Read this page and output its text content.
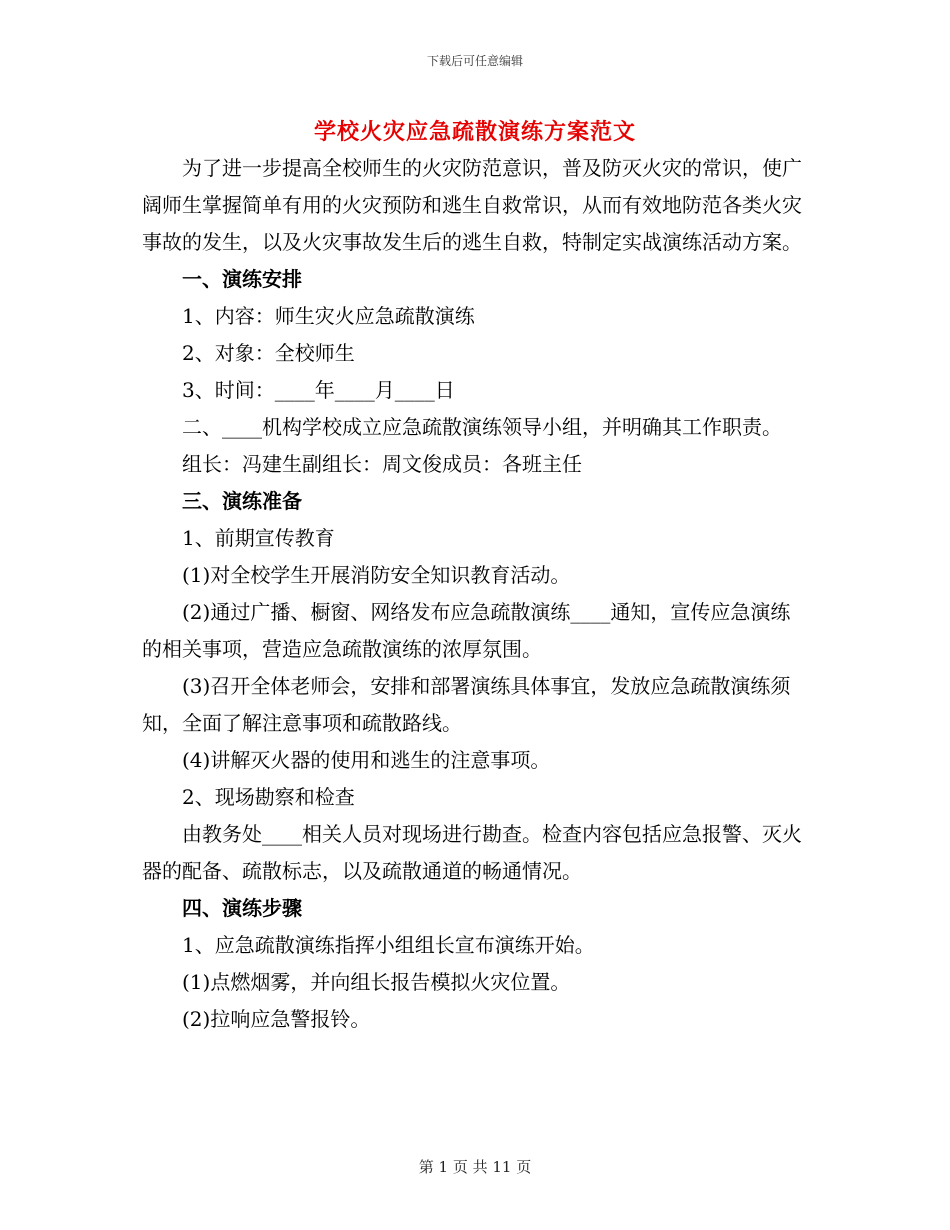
下载后可任意编辑
学校火灾应急疏散演练方案范文

为了进一步提高全校师生的火灾防范意识，普及防灭火灾的常识，使广阔师生掌握简单有用的火灾预防和逃生自救常识，从而有效地防范各类火灾事故的发生，以及火灾事故发生后的逃生自救，特制定实战演练活动方案。

一、演练安排

1、内容：师生灾火应急疏散演练

2、对象：全校师生

3、时间：____年____月____日

二、____机构学校成立应急疏散演练领导小组，并明确其工作职责。

组长：冯建生副组长：周文俊成员：各班主任

三、演练准备

1、前期宣传教育

(1)对全校学生开展消防安全知识教育活动。

(2)通过广播、橱窗、网络发布应急疏散演练____通知，宣传应急演练的相关事项，营造应急疏散演练的浓厚氛围。

(3)召开全体老师会，安排和部署演练具体事宜，发放应急疏散演练须知，全面了解注意事项和疏散路线。

(4)讲解灭火器的使用和逃生的注意事项。

2、现场勘察和检查

由教务处____相关人员对现场进行勘查。检查内容包括应急报警、灭火器的配备、疏散标志，以及疏散通道的畅通情况。

四、演练步骤

1、应急疏散演练指挥小组组长宣布演练开始。

(1)点燃烟雾，并向组长报告模拟火灾位置。

(2)拉响应急警报铃。

第 1 页 共 11 页
